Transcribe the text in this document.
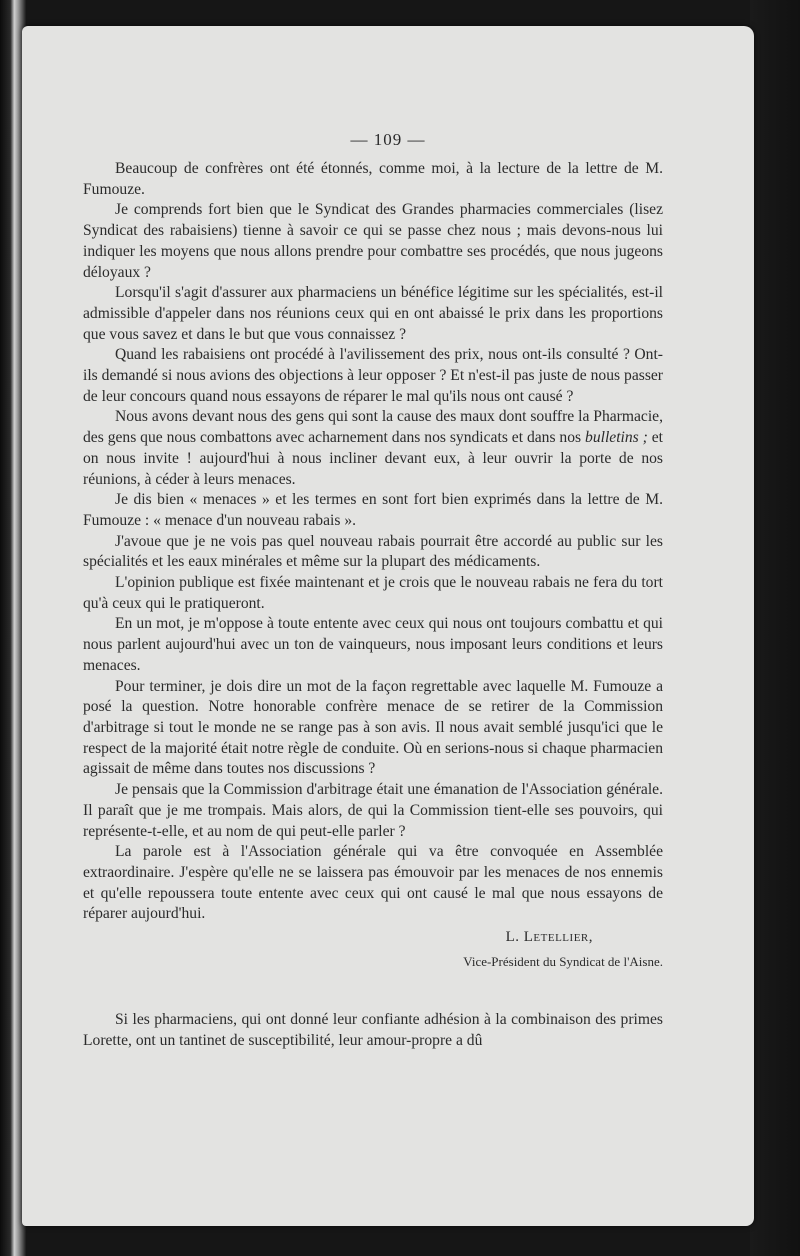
— 109 —

Beaucoup de confrères ont été étonnés, comme moi, à la lecture de la lettre de M. Fumouze.

Je comprends fort bien que le Syndicat des Grandes pharmacies commerciales (lisez Syndicat des rabaisiens) tienne à savoir ce qui se passe chez nous ; mais devons-nous lui indiquer les moyens que nous allons prendre pour combattre ses procédés, que nous jugeons déloyaux ?

Lorsqu'il s'agit d'assurer aux pharmaciens un bénéfice légitime sur les spécialités, est-il admissible d'appeler dans nos réunions ceux qui en ont abaissé le prix dans les proportions que vous savez et dans le but que vous connaissez ?

Quand les rabaisiens ont procédé à l'avilissement des prix, nous ont-ils consulté ? Ont-ils demandé si nous avions des objections à leur opposer ? Et n'est-il pas juste de nous passer de leur concours quand nous essayons de réparer le mal qu'ils nous ont causé ?

Nous avons devant nous des gens qui sont la cause des maux dont souffre la Pharmacie, des gens que nous combattons avec acharnement dans nos syndicats et dans nos bulletins ; et on nous invite ! aujourd'hui à nous incliner devant eux, à leur ouvrir la porte de nos réunions, à céder à leurs menaces.

Je dis bien « menaces » et les termes en sont fort bien exprimés dans la lettre de M. Fumouze : « menace d'un nouveau rabais ».

J'avoue que je ne vois pas quel nouveau rabais pourrait être accordé au public sur les spécialités et les eaux minérales et même sur la plupart des médicaments.

L'opinion publique est fixée maintenant et je crois que le nouveau rabais ne fera du tort qu'à ceux qui le pratiqueront.

En un mot, je m'oppose à toute entente avec ceux qui nous ont toujours combattu et qui nous parlent aujourd'hui avec un ton de vainqueurs, nous imposant leurs conditions et leurs menaces.

Pour terminer, je dois dire un mot de la façon regrettable avec laquelle M. Fumouze a posé la question. Notre honorable confrère menace de se retirer de la Commission d'arbitrage si tout le monde ne se range pas à son avis. Il nous avait semblé jusqu'ici que le respect de la majorité était notre règle de conduite. Où en serions-nous si chaque pharmacien agissait de même dans toutes nos discussions ?

Je pensais que la Commission d'arbitrage était une émanation de l'Association générale. Il paraît que je me trompais. Mais alors, de qui la Commission tient-elle ses pouvoirs, qui représente-t-elle, et au nom de qui peut-elle parler ?

La parole est à l'Association générale qui va être convoquée en Assemblée extraordinaire. J'espère qu'elle ne se laissera pas émouvoir par les menaces de nos ennemis et qu'elle repoussera toute entente avec ceux qui ont causé le mal que nous essayons de réparer aujourd'hui.

L. Letellier,

Vice-Président du Syndicat de l'Aisne.

Si les pharmaciens, qui ont donné leur confiante adhésion à la combinaison des primes Lorette, ont un tantinet de susceptibilité, leur amour-propre a dû
